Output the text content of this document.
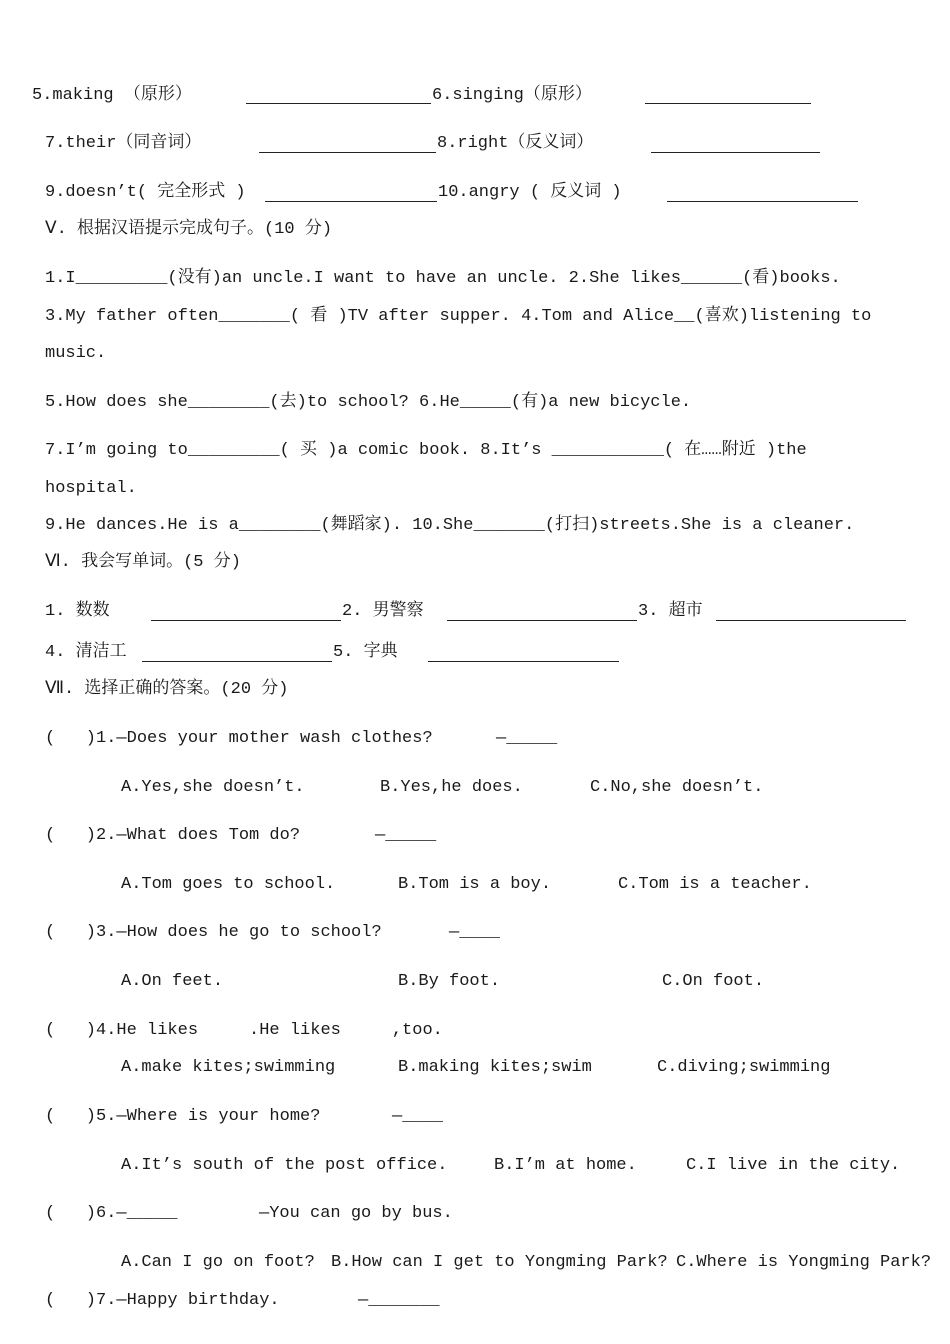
5.making （原形）	6.singing（原形）
7.their（同音词）	8.right（反义词）
9.doesn’t( 完全形式 )	10.angry ( 反义词 )
Ⅴ. 根据汉语提示完成句子。(10 分)
1.I_________(没有)an uncle.I want to have an uncle. 2.She likes______(看)books.
3.My father often_______( 看 )TV after supper. 4.Tom and Alice__(喜欢)listening to
music.
5.How does she________(去)to school? 6.He_____(有)a new bicycle.
7.I’m going to_________( 买 )a comic book. 8.It’s ___________( 在……附近 )the
hospital.
9.He dances.He is a________(舞蹈家). 10.She_______(打扫)streets.She is a cleaner.
Ⅵ. 我会写单词。(5 分)
1. 数数	2. 男警察	3. 超市
4. 清洁工	5. 字典
Ⅶ. 选择正确的答案。(20 分)
(   )1.—Does your mother wash clothes?	—_____
A.Yes,she doesn’t.	B.Yes,he does.	C.No,she doesn’t.
(   )2.—What does Tom do?	—_____
A.Tom goes to school.	B.Tom is a boy.	C.Tom is a teacher.
(   )3.—How does he go to school?	—____
A.On feet.	B.By foot.	C.On foot.
(   )4.He likes     .He likes     ,too.
A.make kites;swimming	B.making kites;swim	C.diving;swimming
(   )5.—Where is your home?	—____
A.It’s south of the post office.	B.I’m at home.	C.I live in the city.
(   )6.—_____	—You can go by bus.
A.Can I go on foot? B.How can I get to Yongming Park? C.Where is Yongming Park?
(   )7.—Happy birthday.	—_______
